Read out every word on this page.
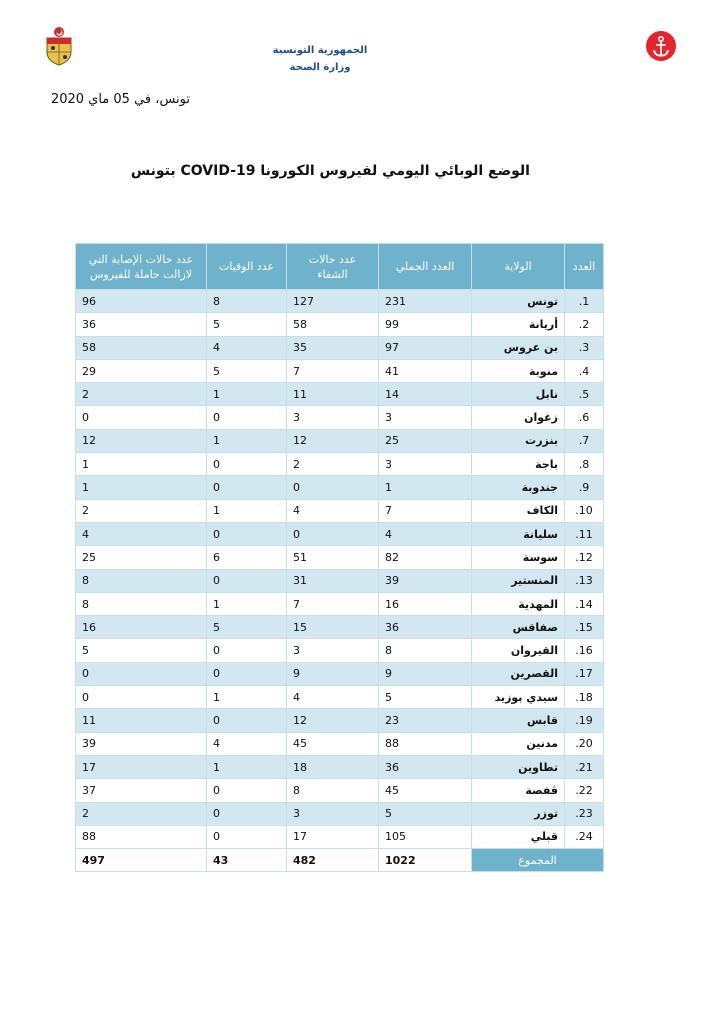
الجمهورية التونسية
وزارة الصحة
تونس، في 05 ماي 2020
الوضع الوبائي اليومي لفيروس الكورونا COVID-19 بتونس
العدد	الولاية	العدد الجملي	عدد حالات الشفاء	عدد الوفيات	عدد حالات الإصابة التي لازالت حاملة للفيروس
1.	تونس	231	127	8	96
2.	أريانة	99	58	5	36
3.	بن عروس	97	35	4	58
4.	منوبة	41	7	5	29
5.	نابل	14	11	1	2
6.	زغوان	3	3	0	0
7.	بنزرت	25	12	1	12
8.	باجة	3	2	0	1
9.	جندوبة	1	0	0	1
10.	الكاف	7	4	1	2
11.	سليانة	4	0	0	4
12.	سوسة	82	51	6	25
13.	المنستير	39	31	0	8
14.	المهدية	16	7	1	8
15.	صفاقس	36	15	5	16
16.	القيروان	8	3	0	5
17.	القصرين	9	9	0	0
18.	سيدي بوزيد	5	4	1	0
19.	قابس	23	12	0	11
20.	مدنين	88	45	4	39
21.	تطاوين	36	18	1	17
22.	ڨفصة	45	8	0	37
23.	توزر	5	3	0	2
24.	قبلي	105	17	0	88
المجموع		1022	482	43	497
